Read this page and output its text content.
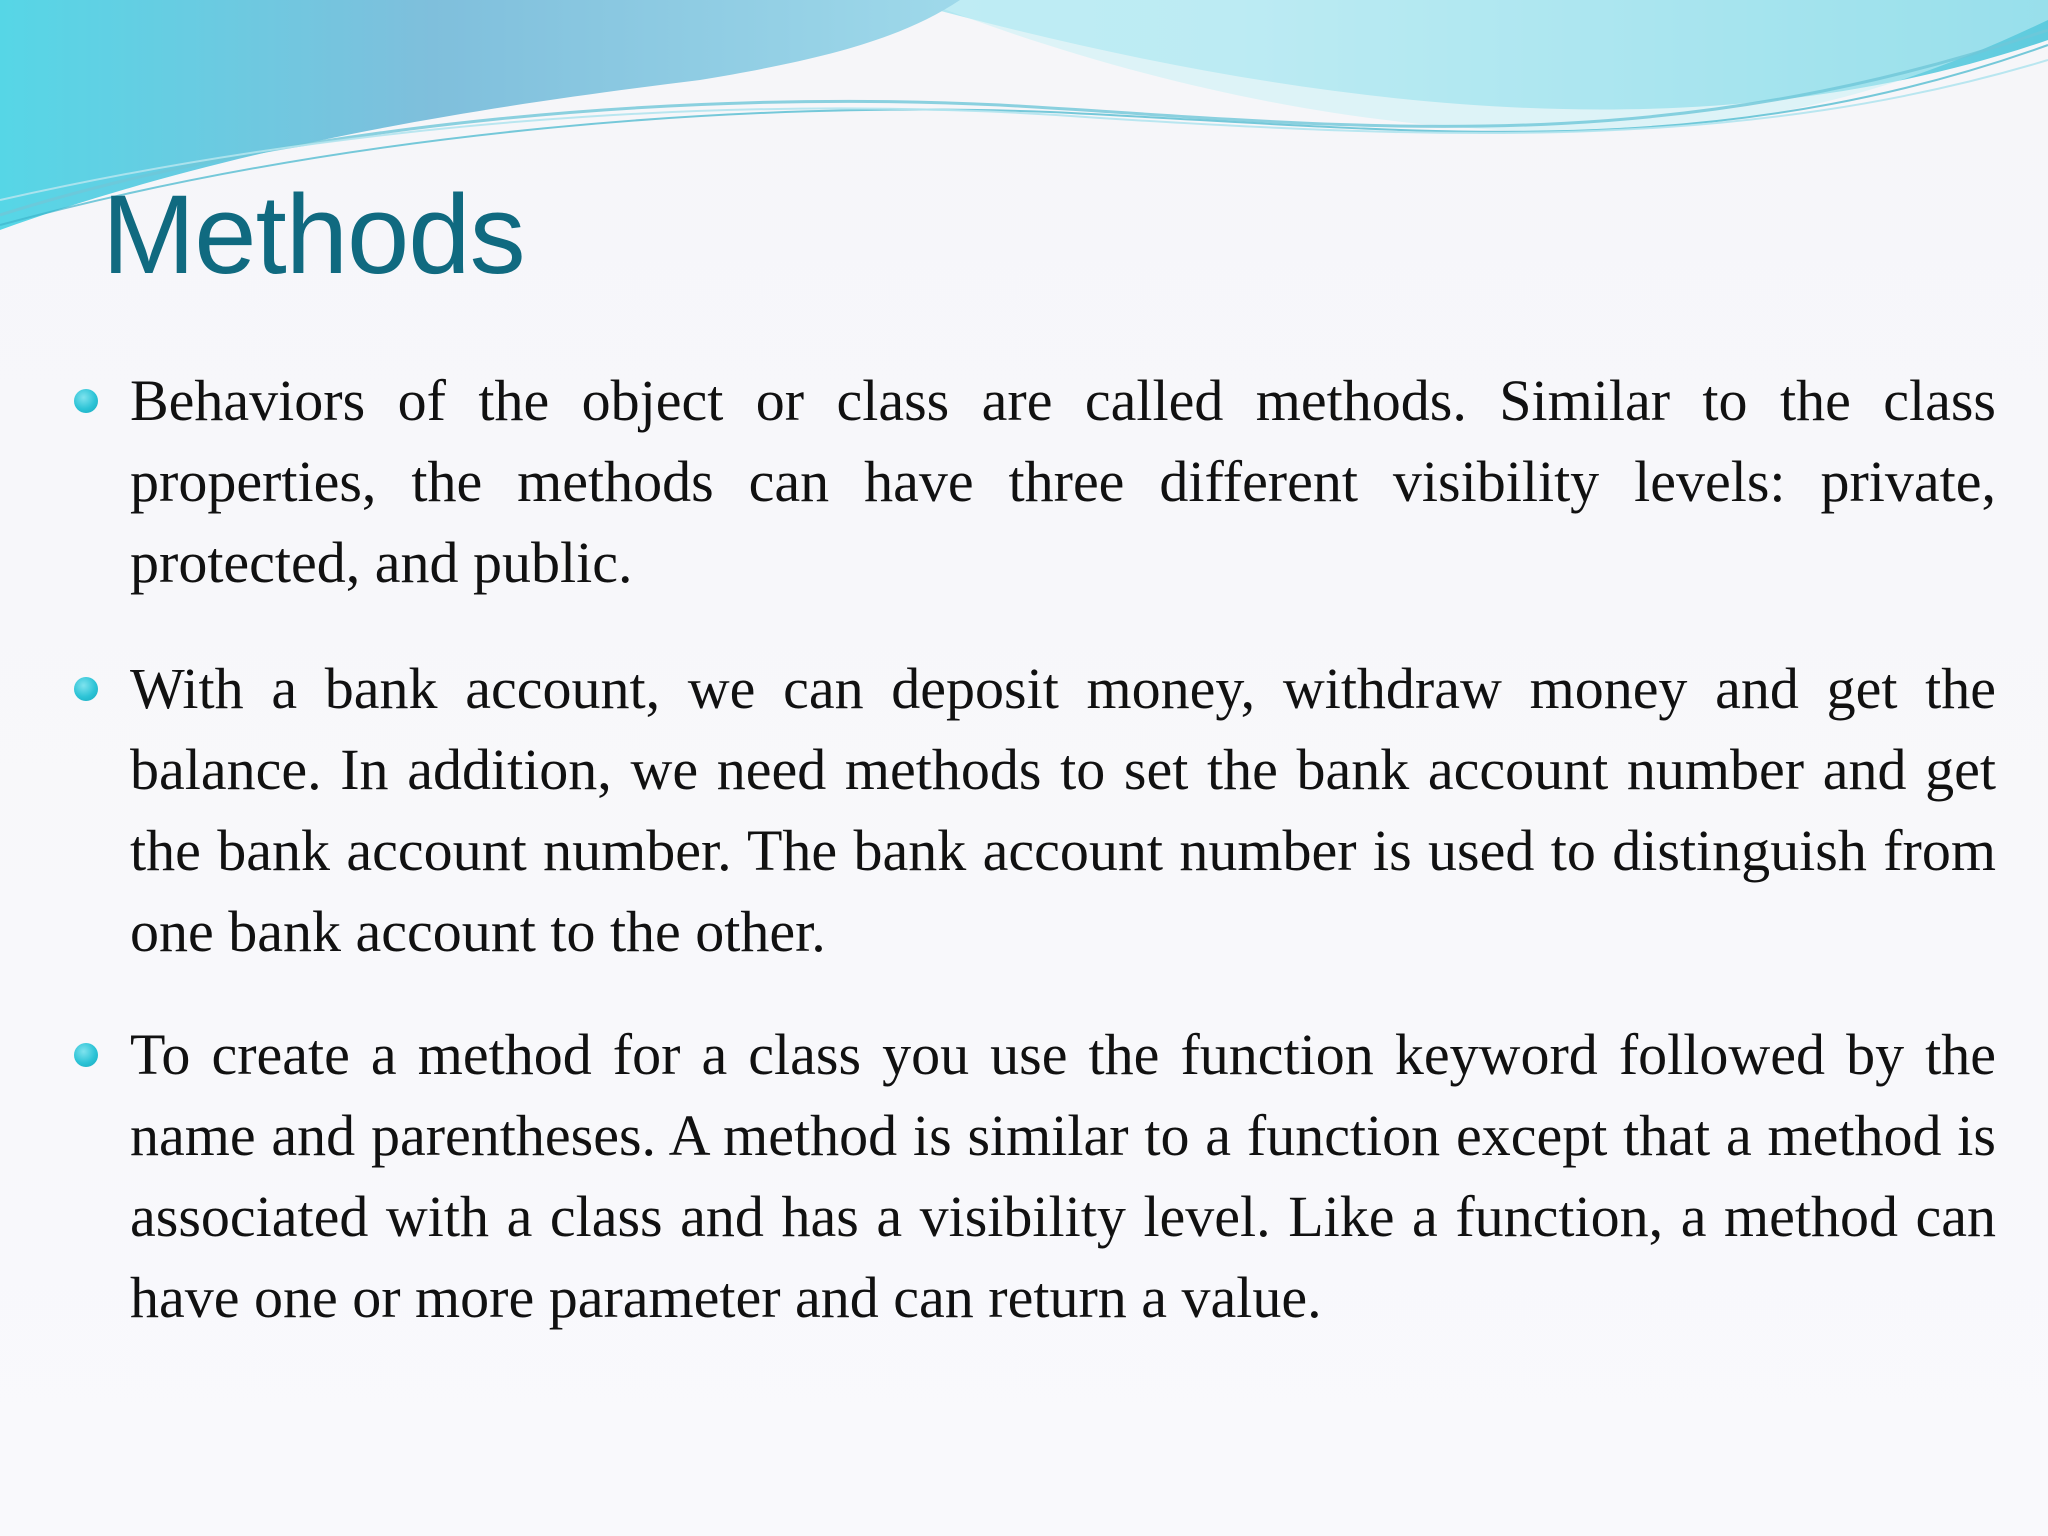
Methods
Behaviors of the object or class are called methods. Similar to the class properties, the methods can have three different visibility levels: private, protected, and public.
With a bank account, we can deposit money, withdraw money and get the balance. In addition, we need methods to set the bank account number and get the bank account number. The bank account number is used to distinguish from one bank account to the other.
To create a method for a class you use the function keyword followed by the name and parentheses. A method is similar to a function except that a method is associated with a class and has a visibility level. Like a function, a method can have one or more parameter and can return a value.
